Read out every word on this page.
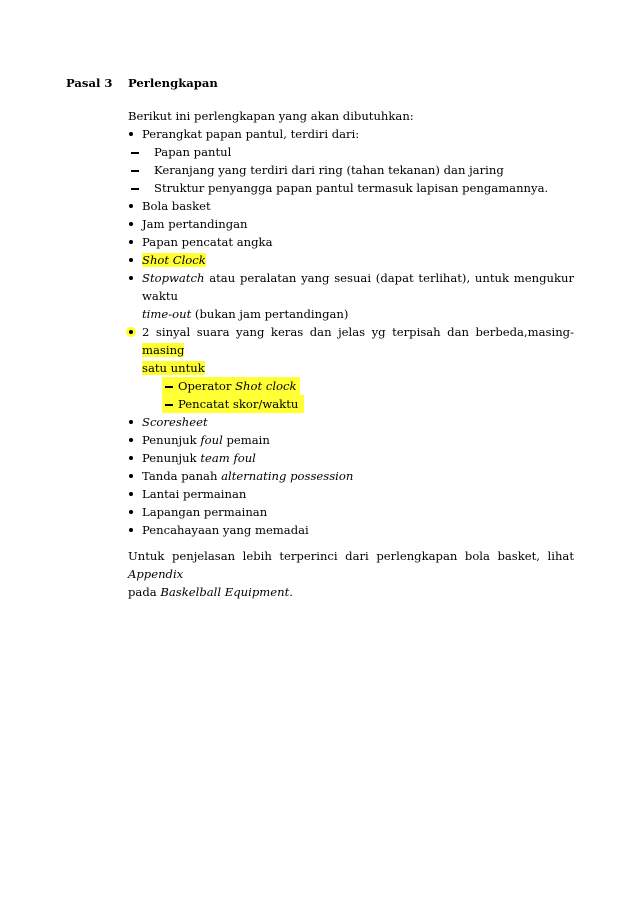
Pasal 3 Perlengkapan
Berikut ini perlengkapan yang akan dibutuhkan:
Perangkat papan pantul, terdiri dari:
Papan pantul
Keranjang yang terdiri dari ring (tahan tekanan) dan jaring
Struktur penyangga papan pantul termasuk lapisan pengamannya.
Bola basket
Jam pertandingan
Papan pencatat angka
Shot Clock
Stopwatch atau peralatan yang sesuai (dapat terlihat), untuk mengukur waktu
time-out (bukan jam pertandingan)
2 sinyal suara yang keras dan jelas yg terpisah dan berbeda,masing-masing
satu untuk
Operator Shot clock
Pencatat skor/waktu
Scoresheet
Penunjuk foul pemain
Penunjuk team foul
Tanda panah alternating possession
Lantai permainan
Lapangan permainan
Pencahayaan yang memadai
Untuk penjelasan lebih terperinci dari perlengkapan bola basket, lihat Appendix
pada Baskelball Equipment.
